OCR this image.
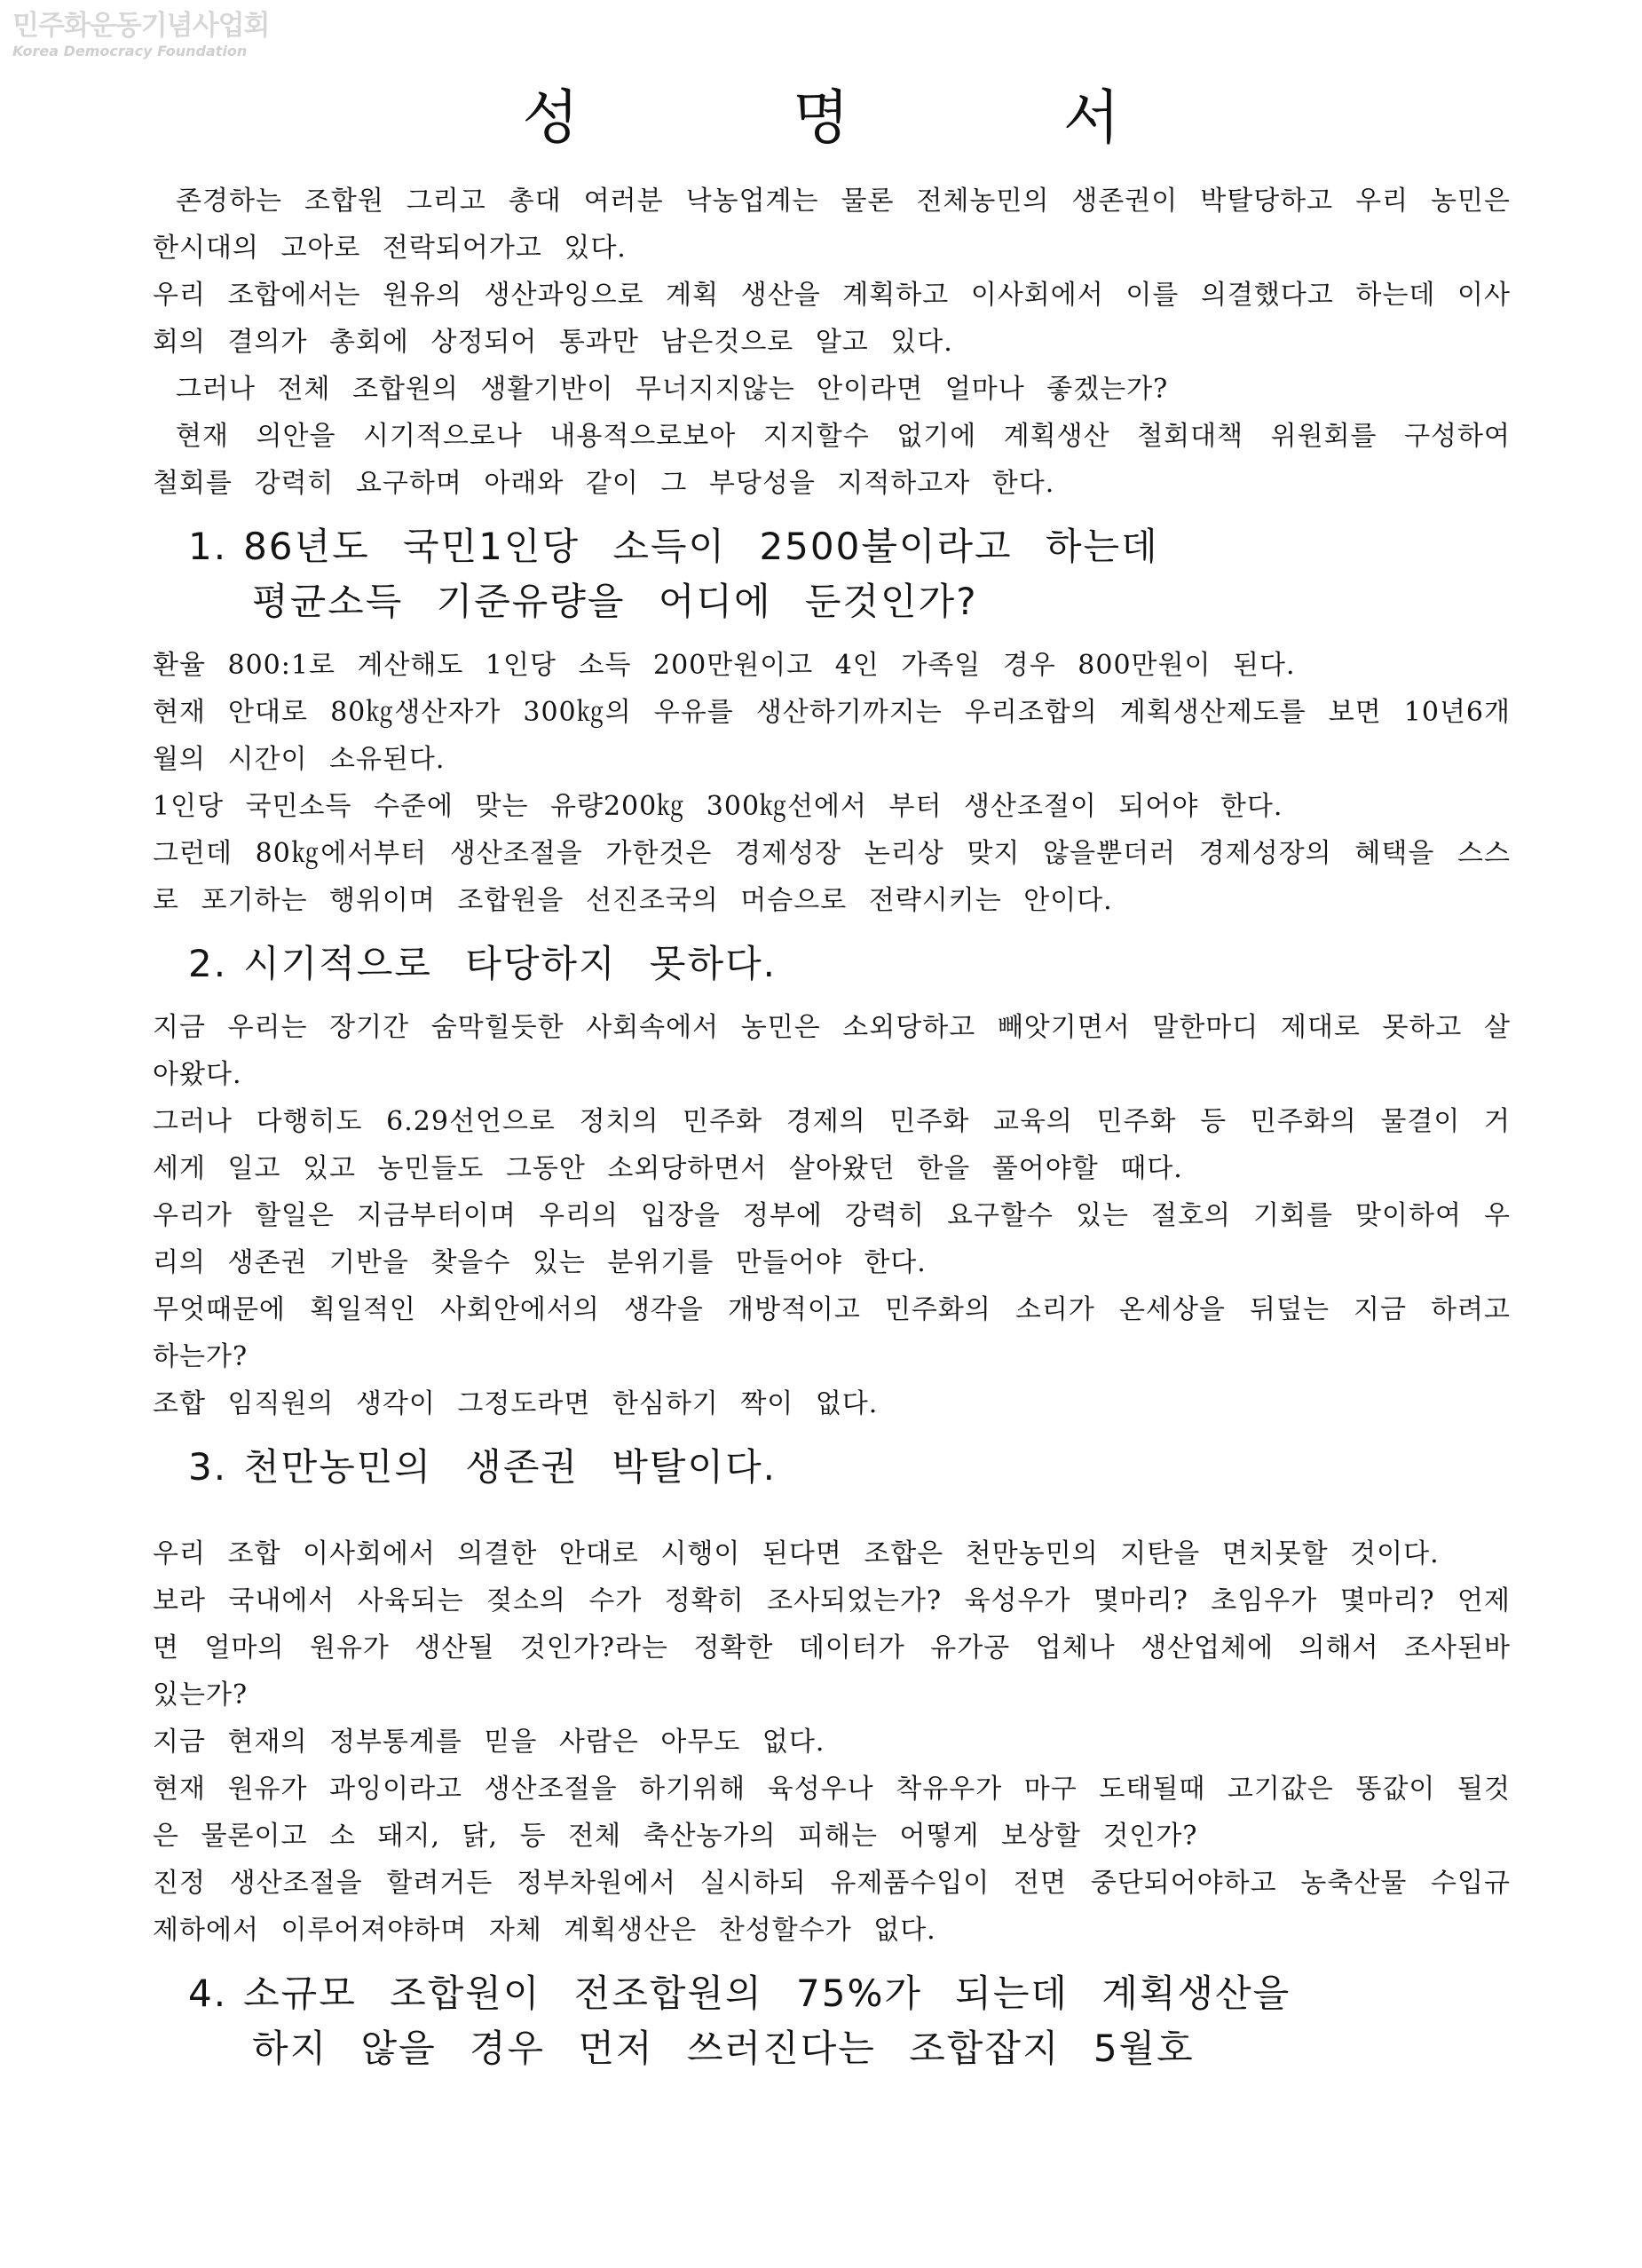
민주화운동기념사업회
Korea Democracy Foundation
성 명 서

존경하는 조합원 그리고 총대 여러분 낙농업계는 물론 전체농민의 생존권이 박탈당하고 우리 농민은 한시대의 고아로 전락되어가고 있다.

우리 조합에서는 원유의 생산과잉으로 계획 생산을 계획하고 이사회에서 이를 의결했다고 하는데 이사회의 결의가 총회에 상정되어 통과만 남은것으로 알고 있다.

그러나 전체 조합원의 생활기반이 무너지지않는 안이라면 얼마나 좋겠는가?

현재 의안을 시기적으로나 내용적으로보아 지지할수 없기에 계획생산 철회대책 위원회를 구성하여 철회를 강력히 요구하며 아래와 같이 그 부당성을 지적하고자 한다.

1. 86년도 국민1인당 소득이 2500불이라고 하는데
평균소득 기준유량을 어디에 둔것인가?

환율 800:1로 계산해도 1인당 소득 200만원이고 4인 가족일 경우 800만원이 된다.

현재 안대로 80㎏생산자가 300㎏의 우유를 생산하기까지는 우리조합의 계획생산제도를 보면 10년6개월의 시간이 소유된다.

1인당 국민소득 수준에 맞는 유량200㎏ 300㎏선에서 부터 생산조절이 되어야 한다.

그런데 80㎏에서부터 생산조절을 가한것은 경제성장 논리상 맞지 않을뿐더러 경제성장의 혜택을 스스로 포기하는 행위이며 조합원을 선진조국의 머슴으로 전략시키는 안이다.

2. 시기적으로 타당하지 못하다.

지금 우리는 장기간 숨막힐듯한 사회속에서 농민은 소외당하고 빼앗기면서 말한마디 제대로 못하고 살아왔다.

그러나 다행히도 6.29선언으로 정치의 민주화 경제의 민주화 교육의 민주화 등 민주화의 물결이 거세게 일고 있고 농민들도 그동안 소외당하면서 살아왔던 한을 풀어야할 때다.

우리가 할일은 지금부터이며 우리의 입장을 정부에 강력히 요구할수 있는 절호의 기회를 맞이하여 우리의 생존권 기반을 찾을수 있는 분위기를 만들어야 한다.

무엇때문에 획일적인 사회안에서의 생각을 개방적이고 민주화의 소리가 온세상을 뒤덮는 지금 하려고 하는가?

조합 임직원의 생각이 그정도라면 한심하기 짝이 없다.

3. 천만농민의 생존권 박탈이다.

우리 조합 이사회에서 의결한 안대로 시행이 된다면 조합은 천만농민의 지탄을 면치못할 것이다.

보라 국내에서 사육되는 젖소의 수가 정확히 조사되었는가? 육성우가 몇마리? 초임우가 몇마리? 언제면 얼마의 원유가 생산될 것인가?라는 정확한 데이터가 유가공 업체나 생산업체에 의해서 조사된바 있는가?

지금 현재의 정부통계를 믿을 사람은 아무도 없다.

현재 원유가 과잉이라고 생산조절을 하기위해 육성우나 착유우가 마구 도태될때 고기값은 똥값이 될것은 물론이고 소 돼지, 닭, 등 전체 축산농가의 피해는 어떻게 보상할 것인가?

진정 생산조절을 할려거든 정부차원에서 실시하되 유제품수입이 전면 중단되어야하고 농축산물 수입규제하에서 이루어져야하며 자체 계획생산은 찬성할수가 없다.

4. 소규모 조합원이 전조합원의 75%가 되는데 계획생산을
하지 않을 경우 먼저 쓰러진다는 조합잡지 5월호
